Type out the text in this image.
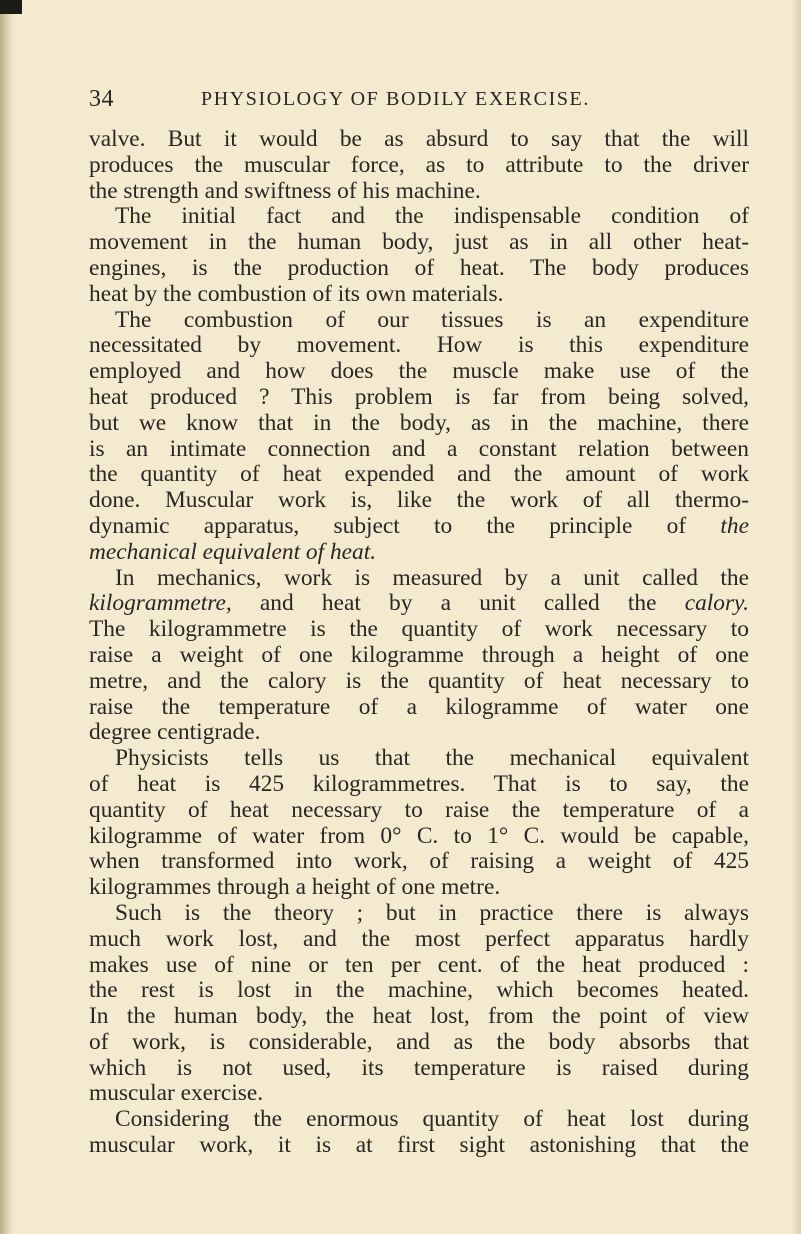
34	PHYSIOLOGY OF BODILY EXERCISE.
valve. But it would be as absurd to say that the will
produces the muscular force, as to attribute to the driver
the strength and swiftness of his machine.
The initial fact and the indispensable condition of
movement in the human body, just as in all other heat-
engines, is the production of heat. The body produces
heat by the combustion of its own materials.
The combustion of our tissues is an expenditure
necessitated by movement. How is this expenditure
employed and how does the muscle make use of the
heat produced ? This problem is far from being solved,
but we know that in the body, as in the machine, there
is an intimate connection and a constant relation between
the quantity of heat expended and the amount of work
done. Muscular work is, like the work of all thermo-
dynamic apparatus, subject to the principle of the
mechanical equivalent of heat.
In mechanics, work is measured by a unit called the
kilogrammetre, and heat by a unit called the calory.
The kilogrammetre is the quantity of work necessary to
raise a weight of one kilogramme through a height of one
metre, and the calory is the quantity of heat necessary to
raise the temperature of a kilogramme of water one
degree centigrade.
Physicists tells us that the mechanical equivalent
of heat is 425 kilogrammetres. That is to say, the
quantity of heat necessary to raise the temperature of a
kilogramme of water from 0° C. to 1° C. would be capable,
when transformed into work, of raising a weight of 425
kilogrammes through a height of one metre.
Such is the theory ; but in practice there is always
much work lost, and the most perfect apparatus hardly
makes use of nine or ten per cent. of the heat produced :
the rest is lost in the machine, which becomes heated.
In the human body, the heat lost, from the point of view
of work, is considerable, and as the body absorbs that
which is not used, its temperature is raised during
muscular exercise.
Considering the enormous quantity of heat lost during
muscular work, it is at first sight astonishing that the
